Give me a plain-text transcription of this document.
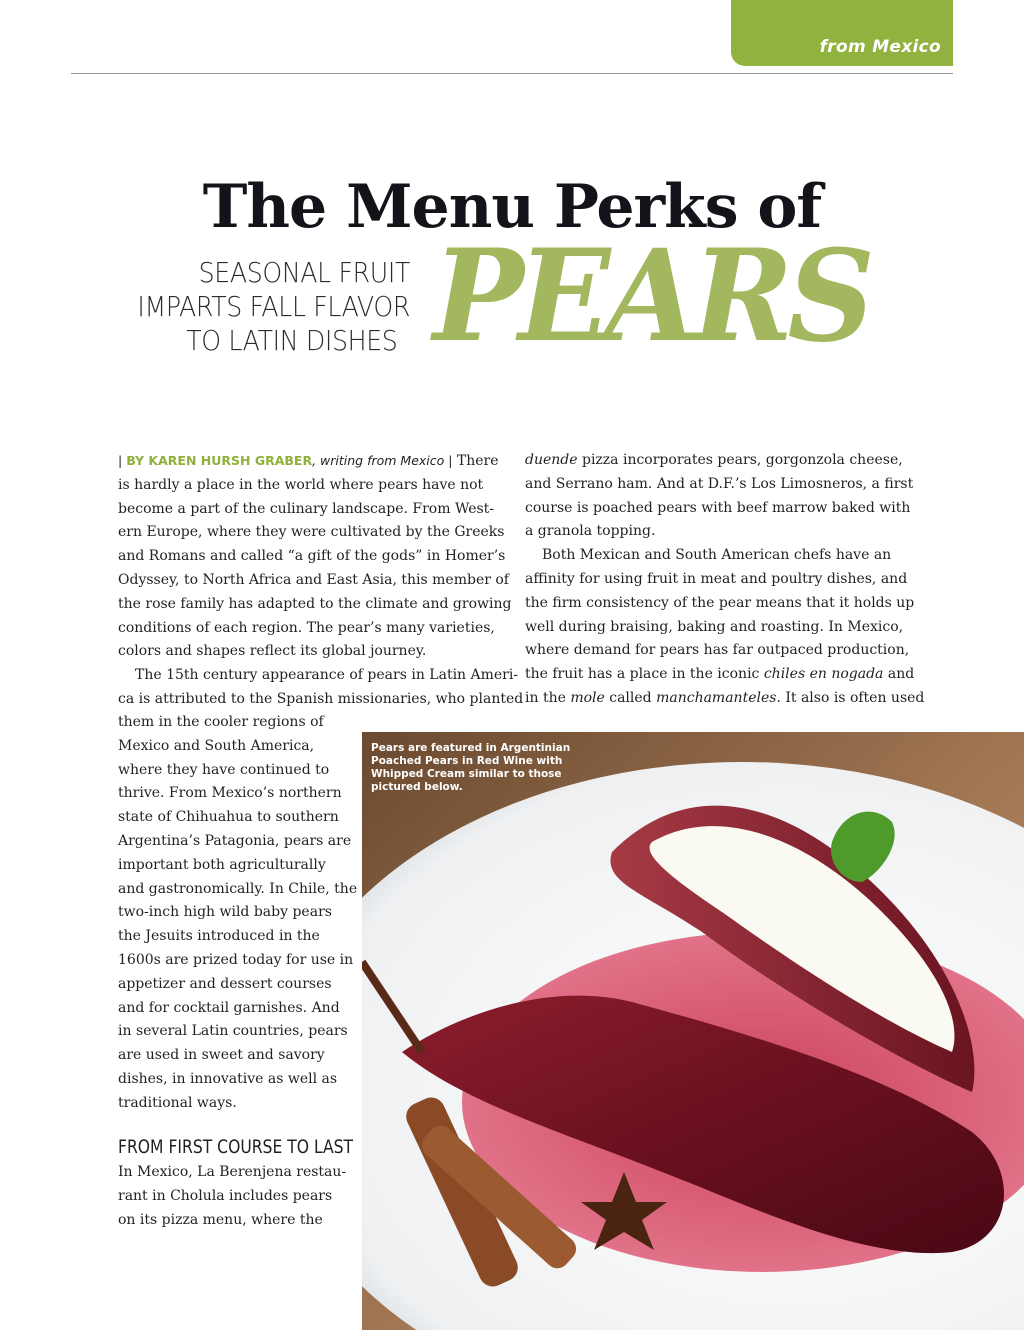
from Mexico
The Menu Perks of
SEASONAL FRUIT
IMPARTS FALL FLAVOR
TO LATIN DISHES PEARS
| BY KAREN HURSH GRABER, writing from Mexico | There
is hardly a place in the world where pears have not
become a part of the culinary landscape. From West-
ern Europe, where they were cultivated by the Greeks
and Romans and called “a gift of the gods” in Homer’s
Odyssey, to North Africa and East Asia, this member of
the rose family has adapted to the climate and growing
conditions of each region. The pear’s many varieties,
colors and shapes reflect its global journey.
The 15th century appearance of pears in Latin Ameri-
ca is attributed to the Spanish missionaries, who planted
them in the cooler regions of
Mexico and South America,
where they have continued to
thrive. From Mexico’s northern
state of Chihuahua to southern
Argentina’s Patagonia, pears are
important both agriculturally
and gastronomically. In Chile, the
two-inch high wild baby pears
the Jesuits introduced in the
1600s are prized today for use in
appetizer and dessert courses
and for cocktail garnishes. And
in several Latin countries, pears
are used in sweet and savory
dishes, in innovative as well as
traditional ways.
FROM FIRST COURSE TO LAST
In Mexico, La Berenjena restau-
rant in Cholula includes pears
on its pizza menu, where the
duende pizza incorporates pears, gorgonzola cheese,
and Serrano ham. And at D.F.’s Los Limosneros, a first
course is poached pears with beef marrow baked with
a granola topping.
Both Mexican and South American chefs have an
affinity for using fruit in meat and poultry dishes, and
the firm consistency of the pear means that it holds up
well during braising, baking and roasting. In Mexico,
where demand for pears has far outpaced production,
the fruit has a place in the iconic chiles en nogada and
in the mole called manchamanteles. It also is often used
Pears are featured in Argentinian Poached Pears in Red Wine with Whipped Cream similar to those pictured below.
